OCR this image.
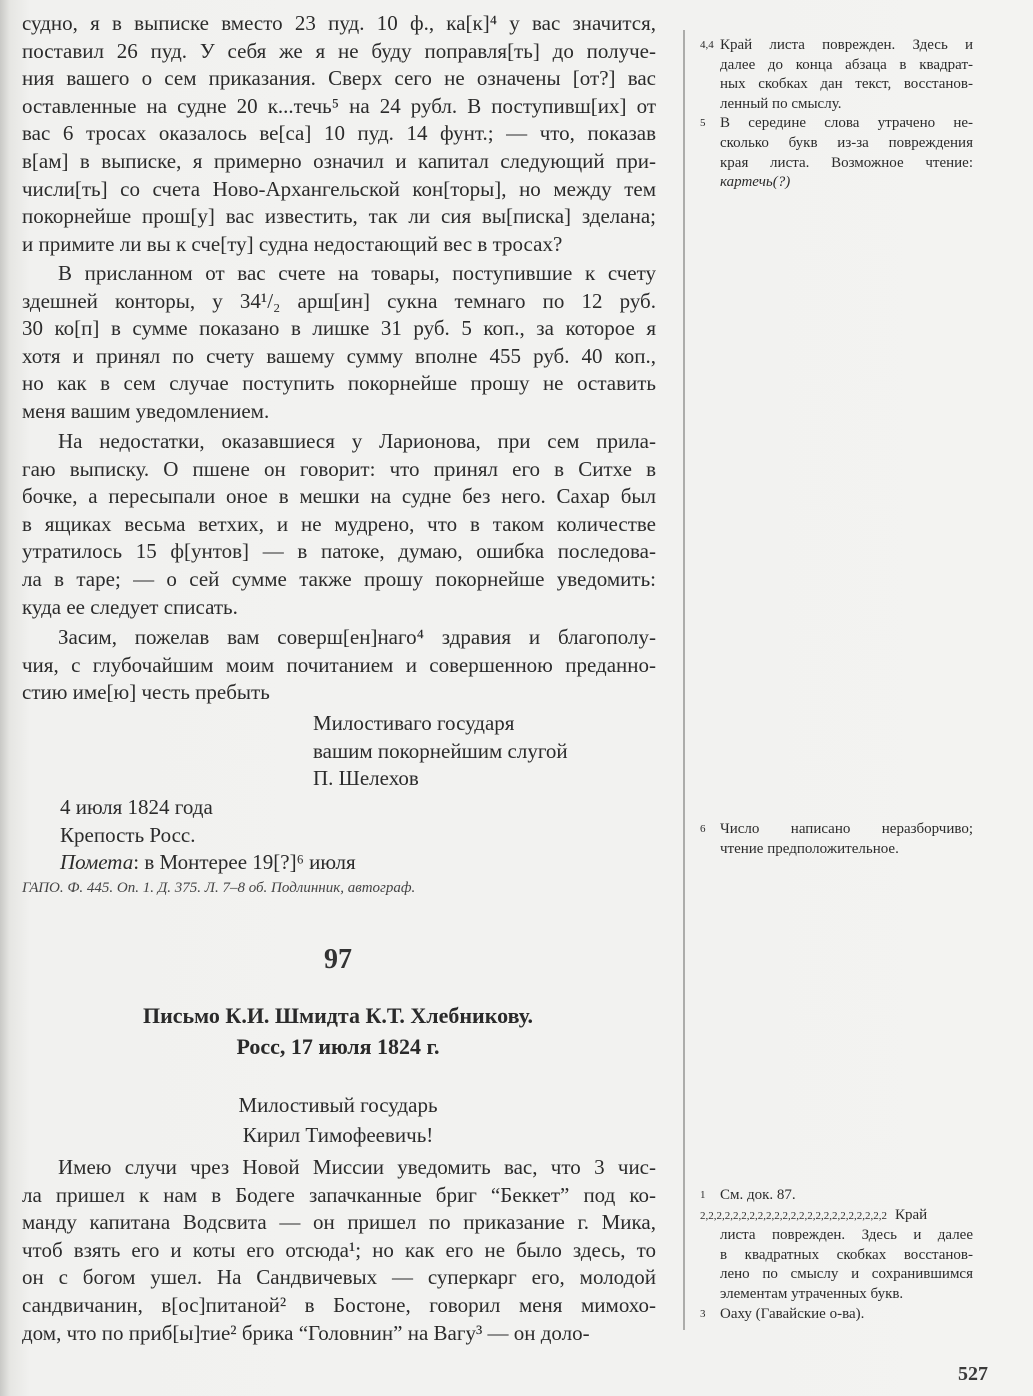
судно, я в выписке вместо 23 пуд. 10 ф., ка[к]⁴ у вас значится,
поставил 26 пуд. У себя же я не буду поправля[ть] до получе-
ния вашего о сем приказания. Сверх сего не означены [от?] вас
оставленные на судне 20 к...течь⁵ на 24 рубл. В поступивш[их] от
вас 6 тросах оказалось ве[са] 10 пуд. 14 фунт.; — что, показав
в[ам] в выписке, я примерно означил и капитал следующий при-
числи[ть] со счета Ново-Архангельской кон[торы], но между тем
покорнейше прош[у] вас известить, так ли сия вы[писка] зделана;
и примите ли вы к сче[ту] судна недостающий вес в тросах?
В присланном от вас счете на товары, поступившие к счету
здешней конторы, у 34¹/₂ арш[ин] сукна темнаго по 12 руб.
30 ко[п] в сумме показано в лишке 31 руб. 5 коп., за которое я
хотя и принял по счету вашему сумму вполне 455 руб. 40 коп.,
но как в сем случае поступить покорнейше прошу не оставить
меня вашим уведомлением.
На недостатки, оказавшиеся у Ларионова, при сем прила-
гаю выписку. О пшене он говорит: что принял его в Ситхе в
бочке, а пересыпали оное в мешки на судне без него. Сахар был
в ящиках весьма ветхих, и не мудрено, что в таком количестве
утратилось 15 ф[унтов] — в патоке, думаю, ошибка последова-
ла в таре; — о сей сумме также прошу покорнейше уведомить:
куда ее следует списать.
Засим, пожелав вам соверш[ен]наго⁴ здравия и благополу-
чия, с глубочайшим моим почитанием и совершенною преданно-
стию име[ю] честь пребыть
Милостиваго государя
вашим покорнейшим слугой
П. Шелехов
4 июля 1824 года
Крепость Росс.
Помета: в Монтерее 19[?]⁶ июля
ГАПО. Ф. 445. Оп. 1. Д. 375. Л. 7–8 об. Подлинник, автограф.
97
Письмо К.И. Шмидта К.Т. Хлебникову.
Росс, 17 июля 1824 г.
Милостивый государь
Кирил Тимофеевичь!
Имею случи чрез Новой Миссии уведомить вас, что 3 чис-
ла пришел к нам в Бодеге запачканные бриг “Беккет” под ко-
манду капитана Водсвита — он пришел по приказание г. Мика,
чтоб взять его и коты его отсюда¹; но как его не было здесь, то
он с богом ушел. На Сандвичевых — суперкарг его, молодой
сандвичанин, в[ос]питаной² в Бостоне, говорил меня мимохо-
дом, что по приб[ы]тие² брика “Головнин” на Вагу³ — он доло-
4,4 Край листа поврежден. Здесь и
далее до конца абзаца в квадрат-
ных скобках дан текст, восстанов-
ленный по смыслу.
5 В середине слова утрачено не-
сколько букв из-за повреждения
края листа. Возможное чтение:
картечь(?)
6 Число написано неразборчиво;
чтение предположительное.
1 См. док. 87.
2,2,2,2,2,2,2,2,2,2,2,2,2,2,2,2,2,2,2,2,2,2,2 Край
листа поврежден. Здесь и далее
в квадратных скобках восстанов-
лено по смыслу и сохранившимся
элементам утраченных букв.
3 Оаху (Гавайские о-ва).
527
